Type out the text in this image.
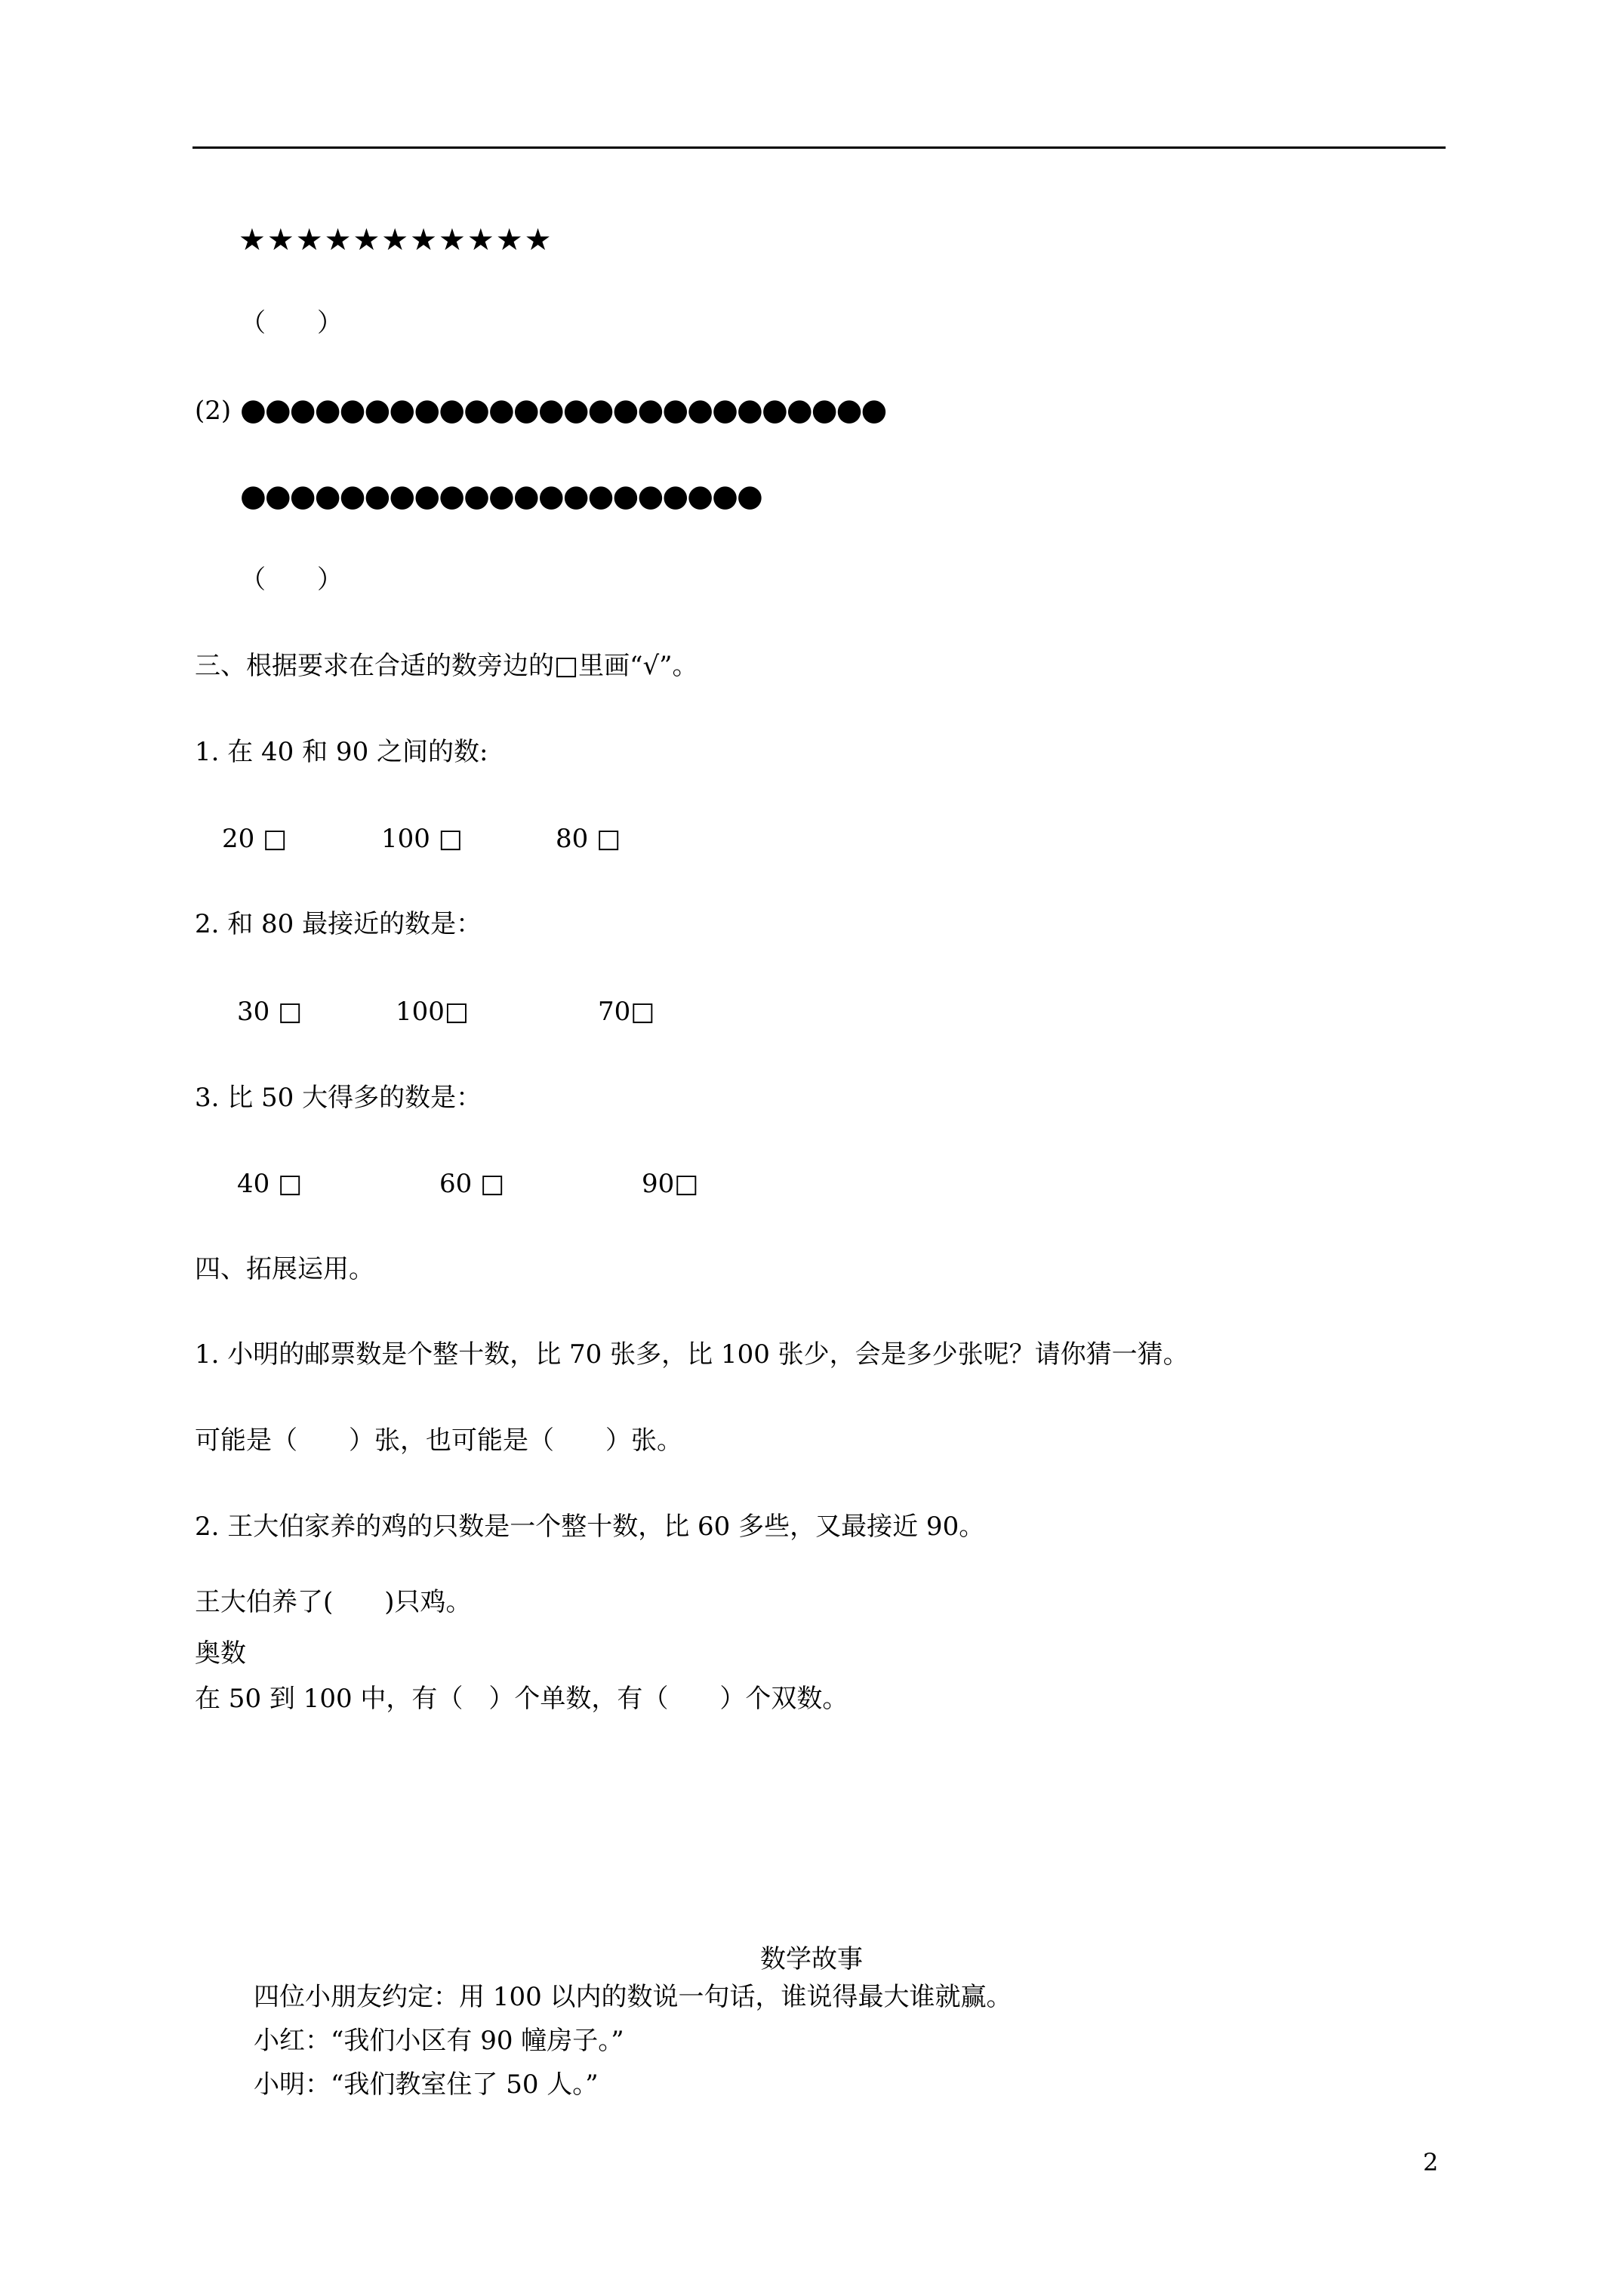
★★★★★★★★★★★
（　　）
(2) ●●●●●●●●●●●●●●●●●●●●●●●●●●
●●●●●●●●●●●●●●●●●●●●●
（　　）
三、根据要求在合适的数旁边的□里画“√”。
1. 在 40 和 90 之间的数:
20 □	100 □	80 □
2. 和 80 最接近的数是：
30 □	100□	70□
3. 比 50 大得多的数是：
40 □	60 □	90□
四、拓展运用。
1. 小明的邮票数是个整十数，比 70 张多，比 100 张少，会是多少张呢？请你猜一猜。
可能是（　　）张，也可能是（　　）张。
2. 王大伯家养的鸡的只数是一个整十数，比 60 多些，又最接近 90。
王大伯养了(　　)只鸡。
奥数
在 50 到 100 中，有（　）个单数，有（　　）个双数。
数学故事
四位小朋友约定：用 100 以内的数说一句话，谁说得最大谁就赢。
小红：“我们小区有 90 幢房子。”
小明：“我们教室住了 50 人。”
2
